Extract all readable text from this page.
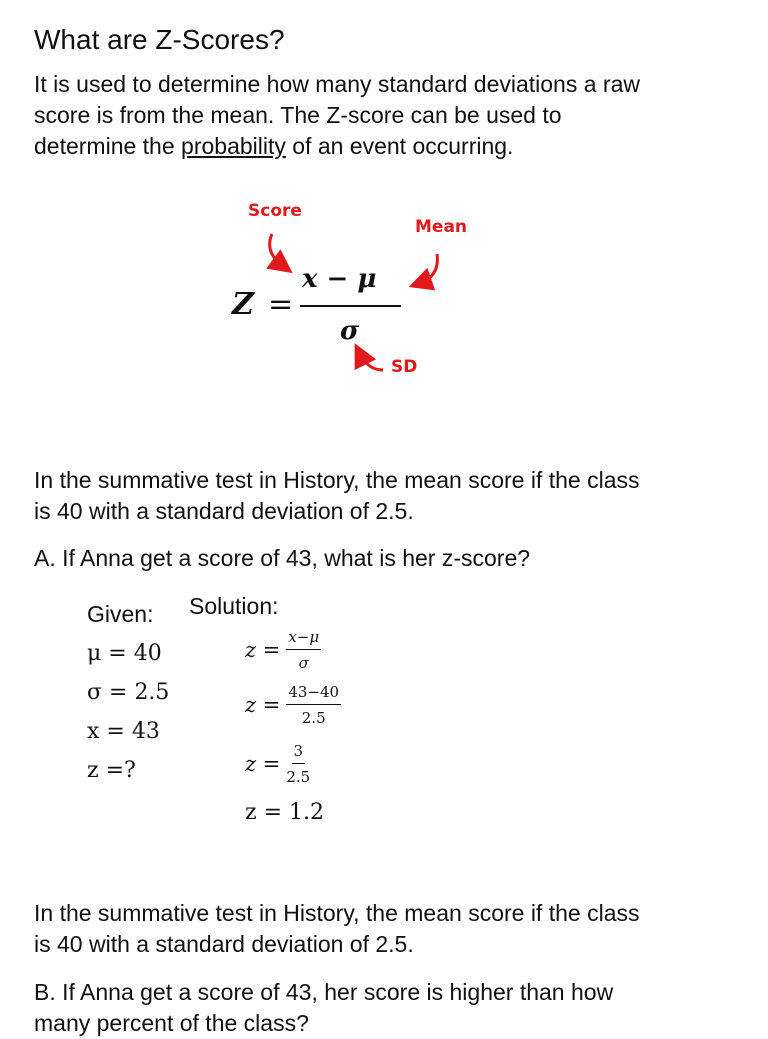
What are Z-Scores?
It is used to determine how many standard deviations a raw
score is from the mean. The Z-score can be used to
determine the probability of an event occurring.
Score
Mean
SD
Z =
x − μ
σ
In the summative test in History, the mean score if the class
is 40 with a standard deviation of 2.5.
A. If Anna get a score of 43, what is her z-score?
Given: Solution:
μ = 40
σ = 2.5
x = 43
z =?
$z = \frac{x-\mu}{\sigma}$
$z = \frac{43-40}{2.5}$
$z = \frac{3}{2.5}$
z = 1.2
In the summative test in History, the mean score if the class
is 40 with a standard deviation of 2.5.
B. If Anna get a score of 43, her score is higher than how
many percent of the class?
